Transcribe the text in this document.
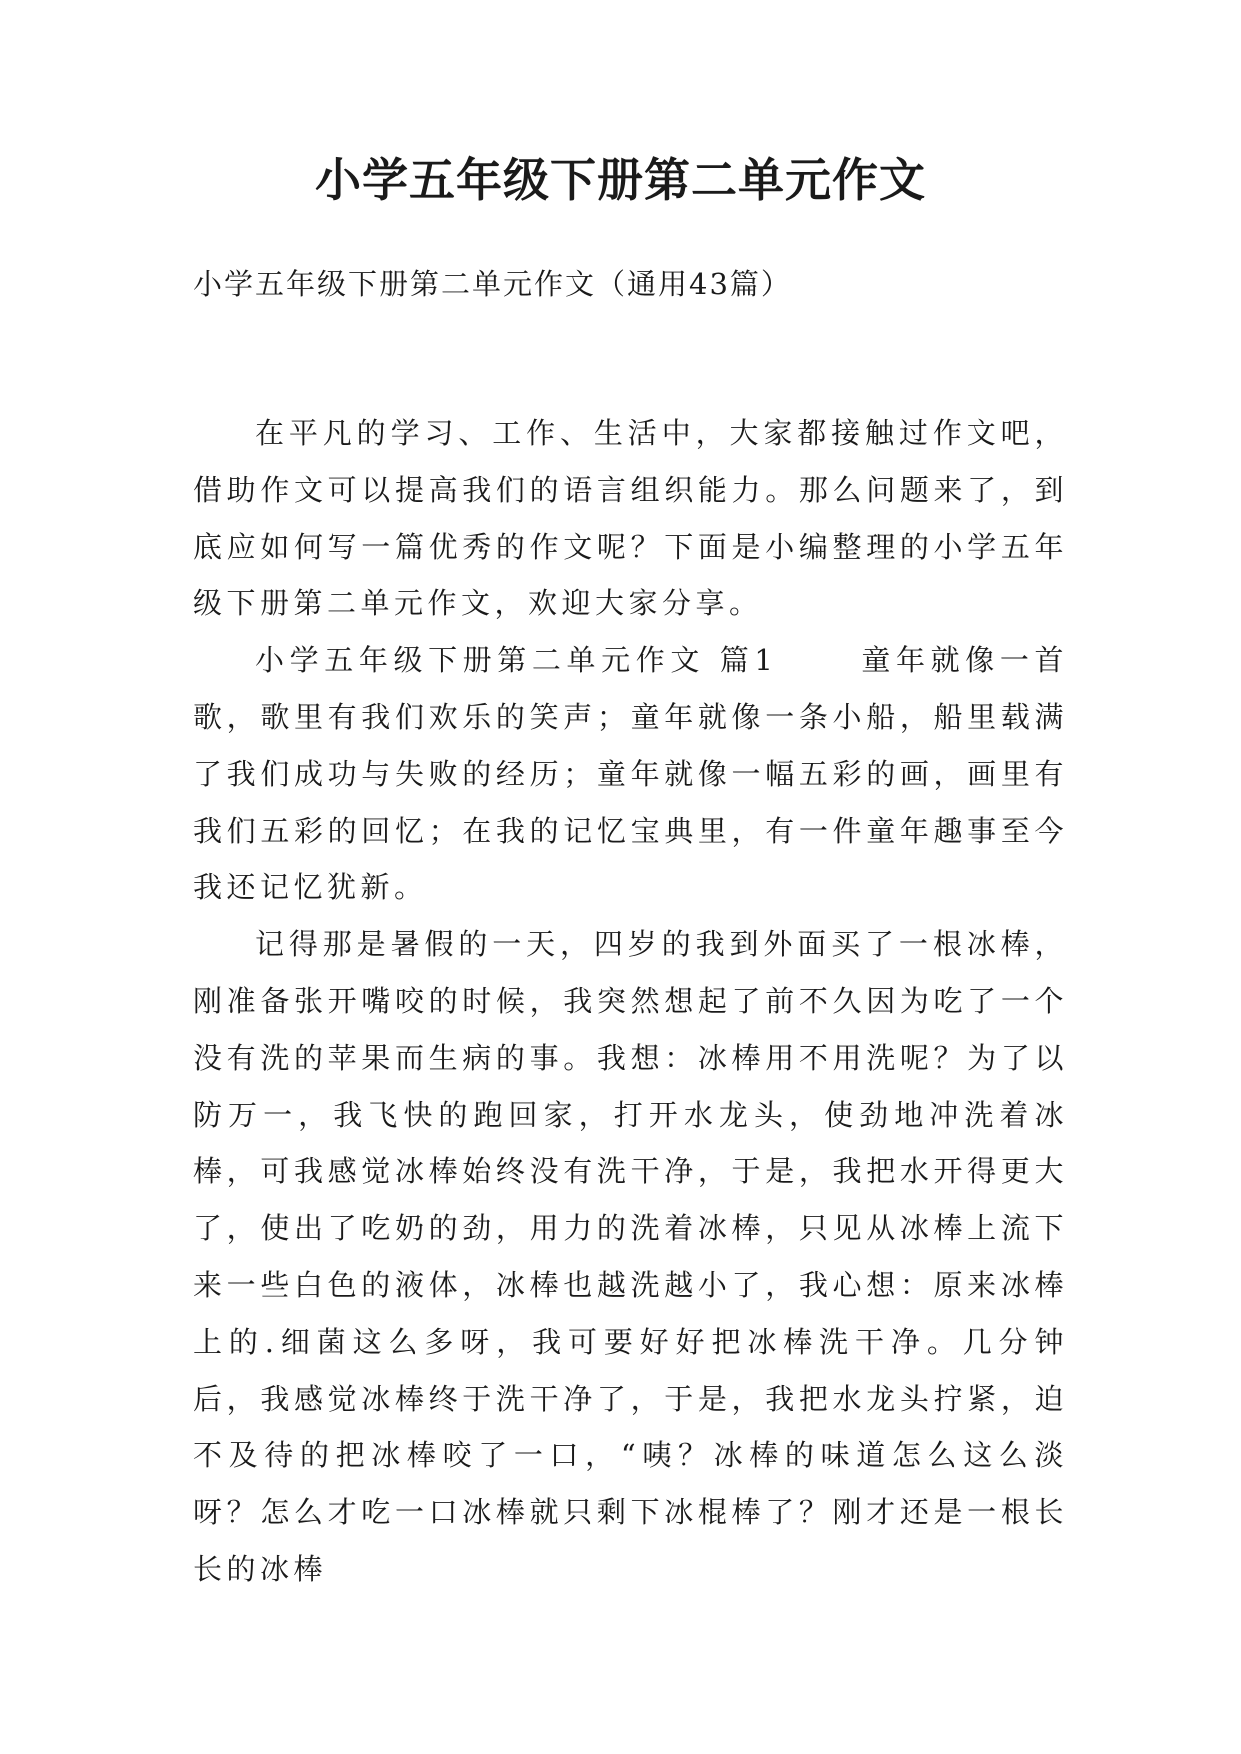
小学五年级下册第二单元作文

小学五年级下册第二单元作文（通用43篇）

在平凡的学习、工作、生活中，大家都接触过作文吧，借助作文可以提高我们的语言组织能力。那么问题来了，到底应如何写一篇优秀的作文呢？下面是小编整理的小学五年级下册第二单元作文，欢迎大家分享。

小学五年级下册第二单元作文 篇1 　　童年就像一首歌，歌里有我们欢乐的笑声；童年就像一条小船，船里载满了我们成功与失败的经历；童年就像一幅五彩的画，画里有我们五彩的回忆；在我的记忆宝典里，有一件童年趣事至今我还记忆犹新。

记得那是暑假的一天，四岁的我到外面买了一根冰棒，刚准备张开嘴咬的时候，我突然想起了前不久因为吃了一个没有洗的苹果而生病的事。我想：冰棒用不用洗呢？为了以防万一，我飞快的跑回家，打开水龙头，使劲地冲洗着冰棒，可我感觉冰棒始终没有洗干净，于是，我把水开得更大了，使出了吃奶的劲，用力的洗着冰棒，只见从冰棒上流下来一些白色的液体，冰棒也越洗越小了，我心想：原来冰棒上的.细菌这么多呀，我可要好好把冰棒洗干净。几分钟后，我感觉冰棒终于洗干净了，于是，我把水龙头拧紧，迫不及待的把冰棒咬了一口，“咦？冰棒的味道怎么这么淡呀？怎么才吃一口冰棒就只剩下冰棍棒了？刚才还是一根长长的冰棒
